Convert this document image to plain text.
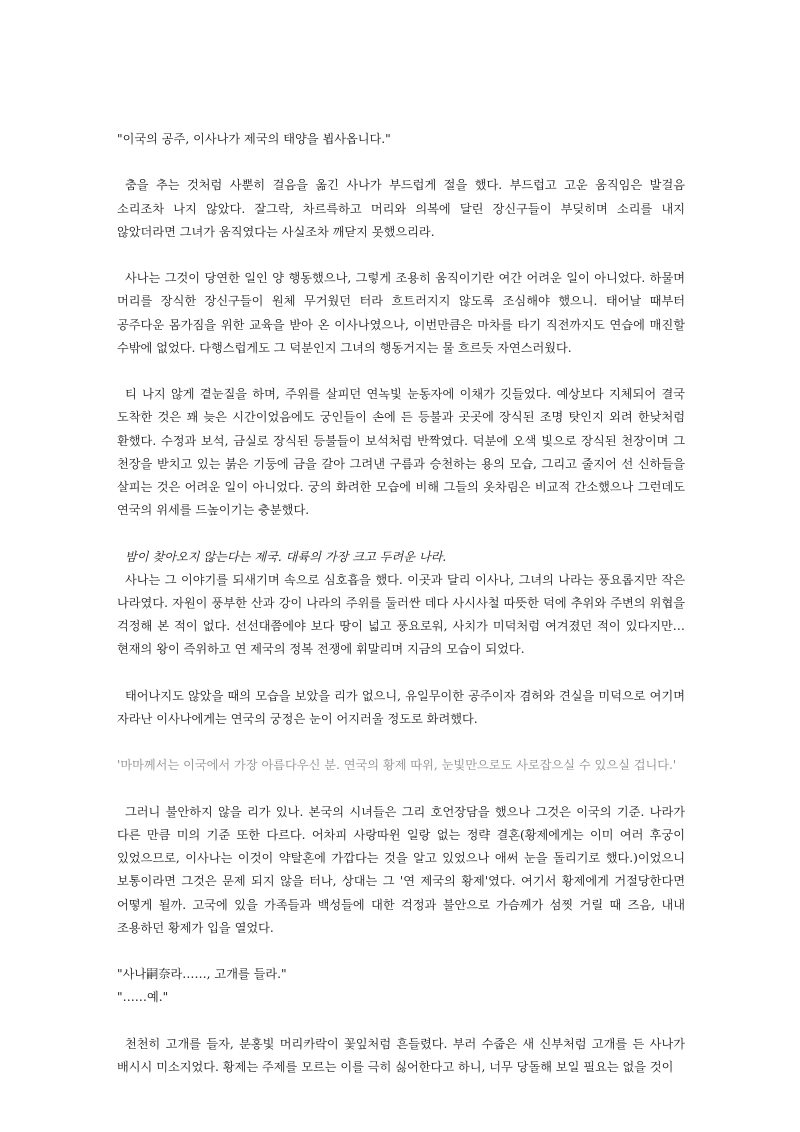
"이국의 공주, 이사나가 제국의 태양을 뵙사옵니다."

춤을 추는 것처럼 사뿐히 걸음을 옮긴 사나가 부드럽게 절을 했다. 부드럽고 고운 움직임은 발걸음 소리조차 나지 않았다. 잘그락, 차르륵하고 머리와 의복에 달린 장신구들이 부딪히며 소리를 내지 않았더라면 그녀가 움직였다는 사실조차 깨닫지 못했으리라.

사나는 그것이 당연한 일인 양 행동했으나, 그렇게 조용히 움직이기란 여간 어려운 일이 아니었다. 하물며 머리를 장식한 장신구들이 원체 무거웠던 터라 흐트러지지 않도록 조심해야 했으니. 태어날 때부터 공주다운 몸가짐을 위한 교육을 받아 온 이사나였으나, 이번만큼은 마차를 타기 직전까지도 연습에 매진할 수밖에 없었다. 다행스럽게도 그 덕분인지 그녀의 행동거지는 물 흐르듯 자연스러웠다.

티 나지 않게 곁눈질을 하며, 주위를 살피던 연녹빛 눈동자에 이채가 깃들었다. 예상보다 지체되어 결국 도착한 것은 꽤 늦은 시간이었음에도 궁인들이 손에 든 등불과 곳곳에 장식된 조명 탓인지 외려 한낮처럼 환했다. 수정과 보석, 금실로 장식된 등불들이 보석처럼 반짝였다. 덕분에 오색 빛으로 장식된 천장이며 그 천장을 받치고 있는 붉은 기둥에 금을 갈아 그려낸 구름과 승천하는 용의 모습, 그리고 줄지어 선 신하들을 살피는 것은 어려운 일이 아니었다. 궁의 화려한 모습에 비해 그들의 옷차림은 비교적 간소했으나 그런데도 연국의 위세를 드높이기는 충분했다.

밤이 찾아오지 않는다는 제국. 대륙의 가장 크고 두려운 나라.

사나는 그 이야기를 되새기며 속으로 심호흡을 했다. 이곳과 달리 이사나, 그녀의 나라는 풍요롭지만 작은 나라였다. 자원이 풍부한 산과 강이 나라의 주위를 둘러싼 데다 사시사철 따뜻한 덕에 추위와 주변의 위협을 걱정해 본 적이 없다. 선선대쯤에야 보다 땅이 넓고 풍요로워, 사치가 미덕처럼 여겨졌던 적이 있다지만… 현재의 왕이 즉위하고 연 제국의 정복 전쟁에 휘말리며 지금의 모습이 되었다.

태어나지도 않았을 때의 모습을 보았을 리가 없으니, 유일무이한 공주이자 겸허와 견실을 미덕으로 여기며 자라난 이사나에게는 연국의 궁정은 눈이 어지러울 정도로 화려했다.

'마마께서는 이국에서 가장 아름다우신 분. 연국의 황제 따위, 눈빛만으로도 사로잡으실 수 있으실 겁니다.'

그러니 불안하지 않을 리가 있나. 본국의 시녀들은 그리 호언장담을 했으나 그것은 이국의 기준. 나라가 다른 만큼 미의 기준 또한 다르다. 어차피 사랑따윈 일랑 없는 정략 결혼(황제에게는 이미 여러 후궁이 있었으므로, 이사나는 이것이 약탈혼에 가깝다는 것을 알고 있었으나 애써 눈을 돌리기로 했다.)이었으니 보통이라면 그것은 문제 되지 않을 터나, 상대는 그 '연 제국의 황제'였다. 여기서 황제에게 거절당한다면 어떻게 될까. 고국에 있을 가족들과 백성들에 대한 걱정과 불안으로 가슴께가 섬찟 거릴 때 즈음, 내내 조용하던 황제가 입을 열었다.

"사나嗣奈라……, 고개를 들라."

"……예."

천천히 고개를 들자, 분홍빛 머리카락이 꽃잎처럼 흔들렸다. 부러 수줍은 새 신부처럼 고개를 든 사나가 배시시 미소지었다. 황제는 주제를 모르는 이를 극히 싫어한다고 하니, 너무 당돌해 보일 필요는 없을 것이
